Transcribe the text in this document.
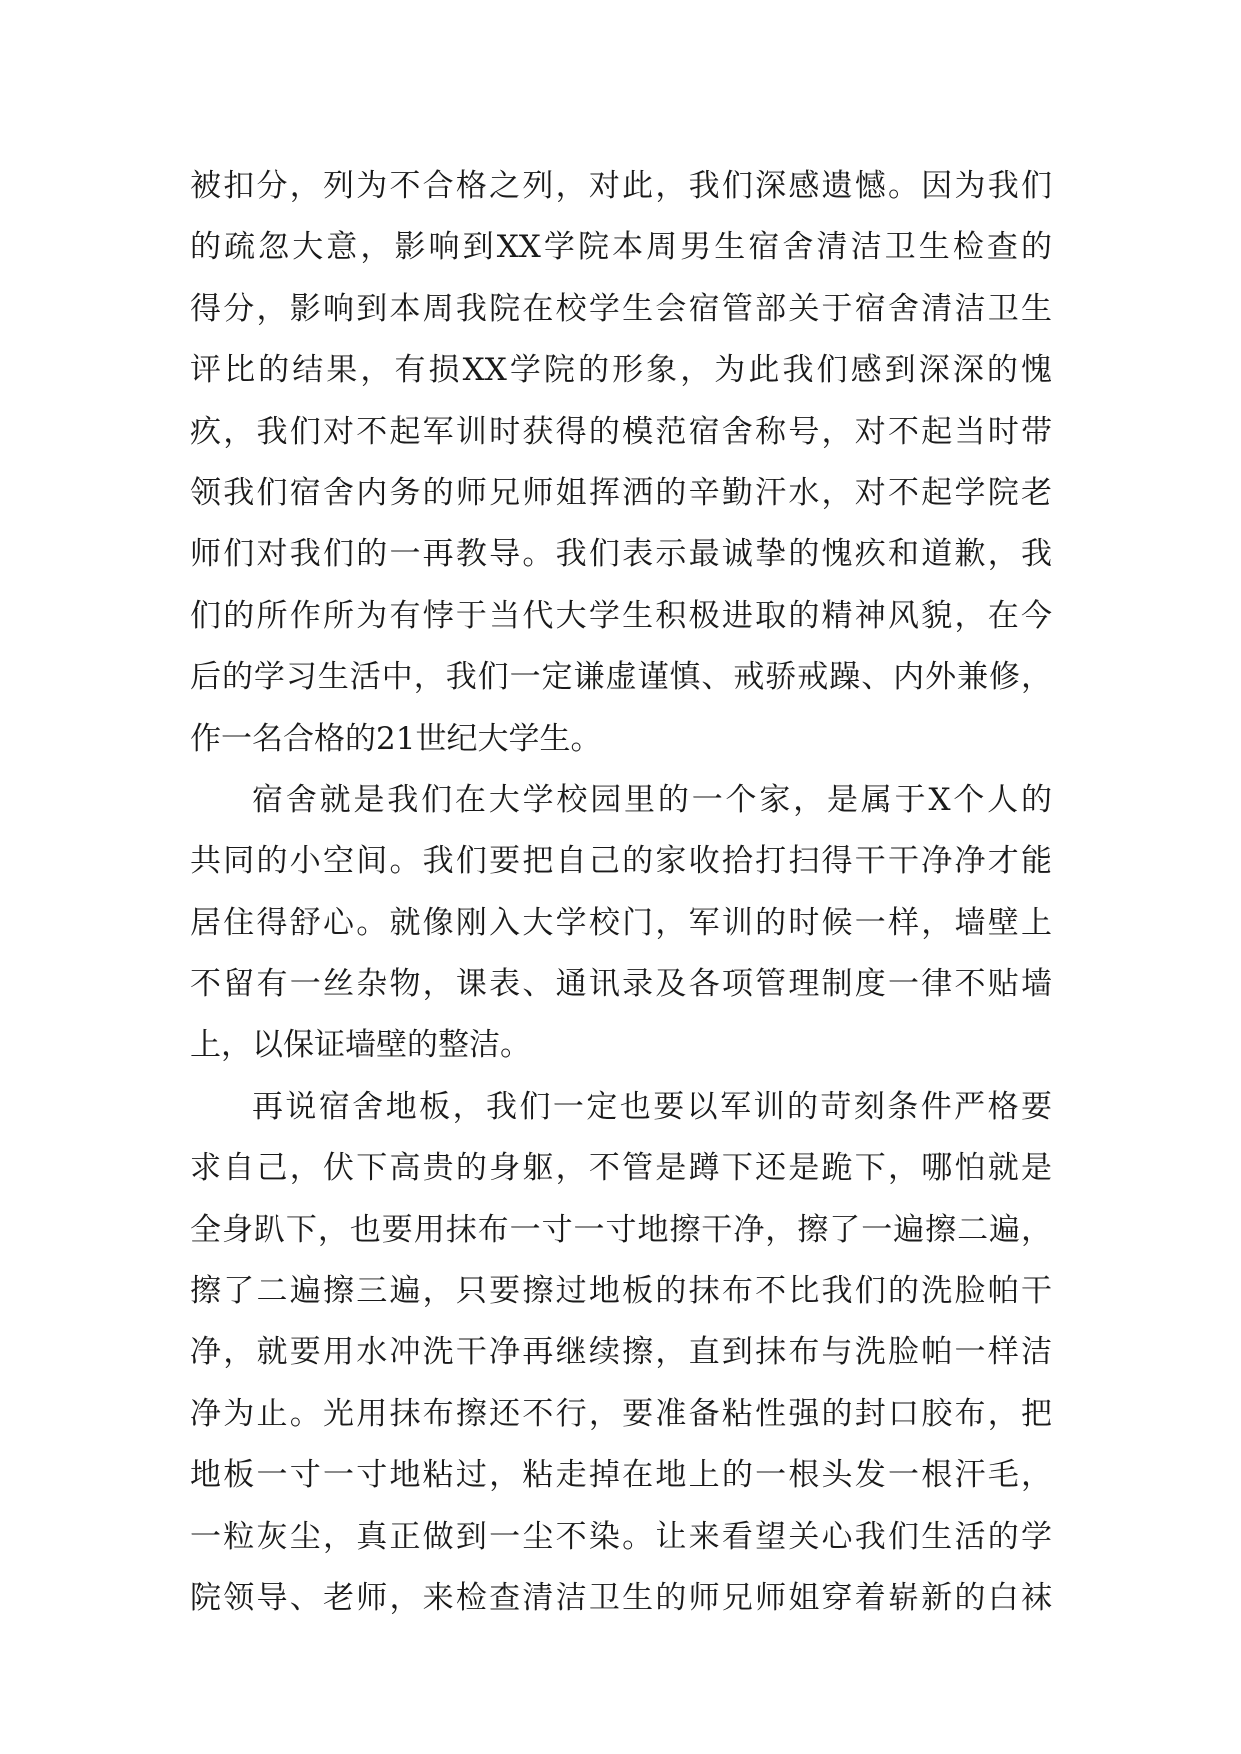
被扣分，列为不合格之列，对此，我们深感遗憾。因为我们
的疏忽大意，影响到XX学院本周男生宿舍清洁卫生检查的
得分，影响到本周我院在校学生会宿管部关于宿舍清洁卫生
评比的结果，有损XX学院的形象，为此我们感到深深的愧
疚，我们对不起军训时获得的模范宿舍称号，对不起当时带
领我们宿舍内务的师兄师姐挥洒的辛勤汗水，对不起学院老
师们对我们的一再教导。我们表示最诚挚的愧疚和道歉，我
们的所作所为有悖于当代大学生积极进取的精神风貌，在今
后的学习生活中，我们一定谦虚谨慎、戒骄戒躁、内外兼修，
作一名合格的21世纪大学生。
宿舍就是我们在大学校园里的一个家，是属于X个人的
共同的小空间。我们要把自己的家收拾打扫得干干净净才能
居住得舒心。就像刚入大学校门，军训的时候一样，墙壁上
不留有一丝杂物，课表、通讯录及各项管理制度一律不贴墙
上，以保证墙壁的整洁。
再说宿舍地板，我们一定也要以军训的苛刻条件严格要
求自己，伏下高贵的身躯，不管是蹲下还是跪下，哪怕就是
全身趴下，也要用抹布一寸一寸地擦干净，擦了一遍擦二遍，
擦了二遍擦三遍，只要擦过地板的抹布不比我们的洗脸帕干
净，就要用水冲洗干净再继续擦，直到抹布与洗脸帕一样洁
净为止。光用抹布擦还不行，要准备粘性强的封口胶布，把
地板一寸一寸地粘过，粘走掉在地上的一根头发一根汗毛，
一粒灰尘，真正做到一尘不染。让来看望关心我们生活的学
院领导、老师，来检查清洁卫生的师兄师姐穿着崭新的白袜
